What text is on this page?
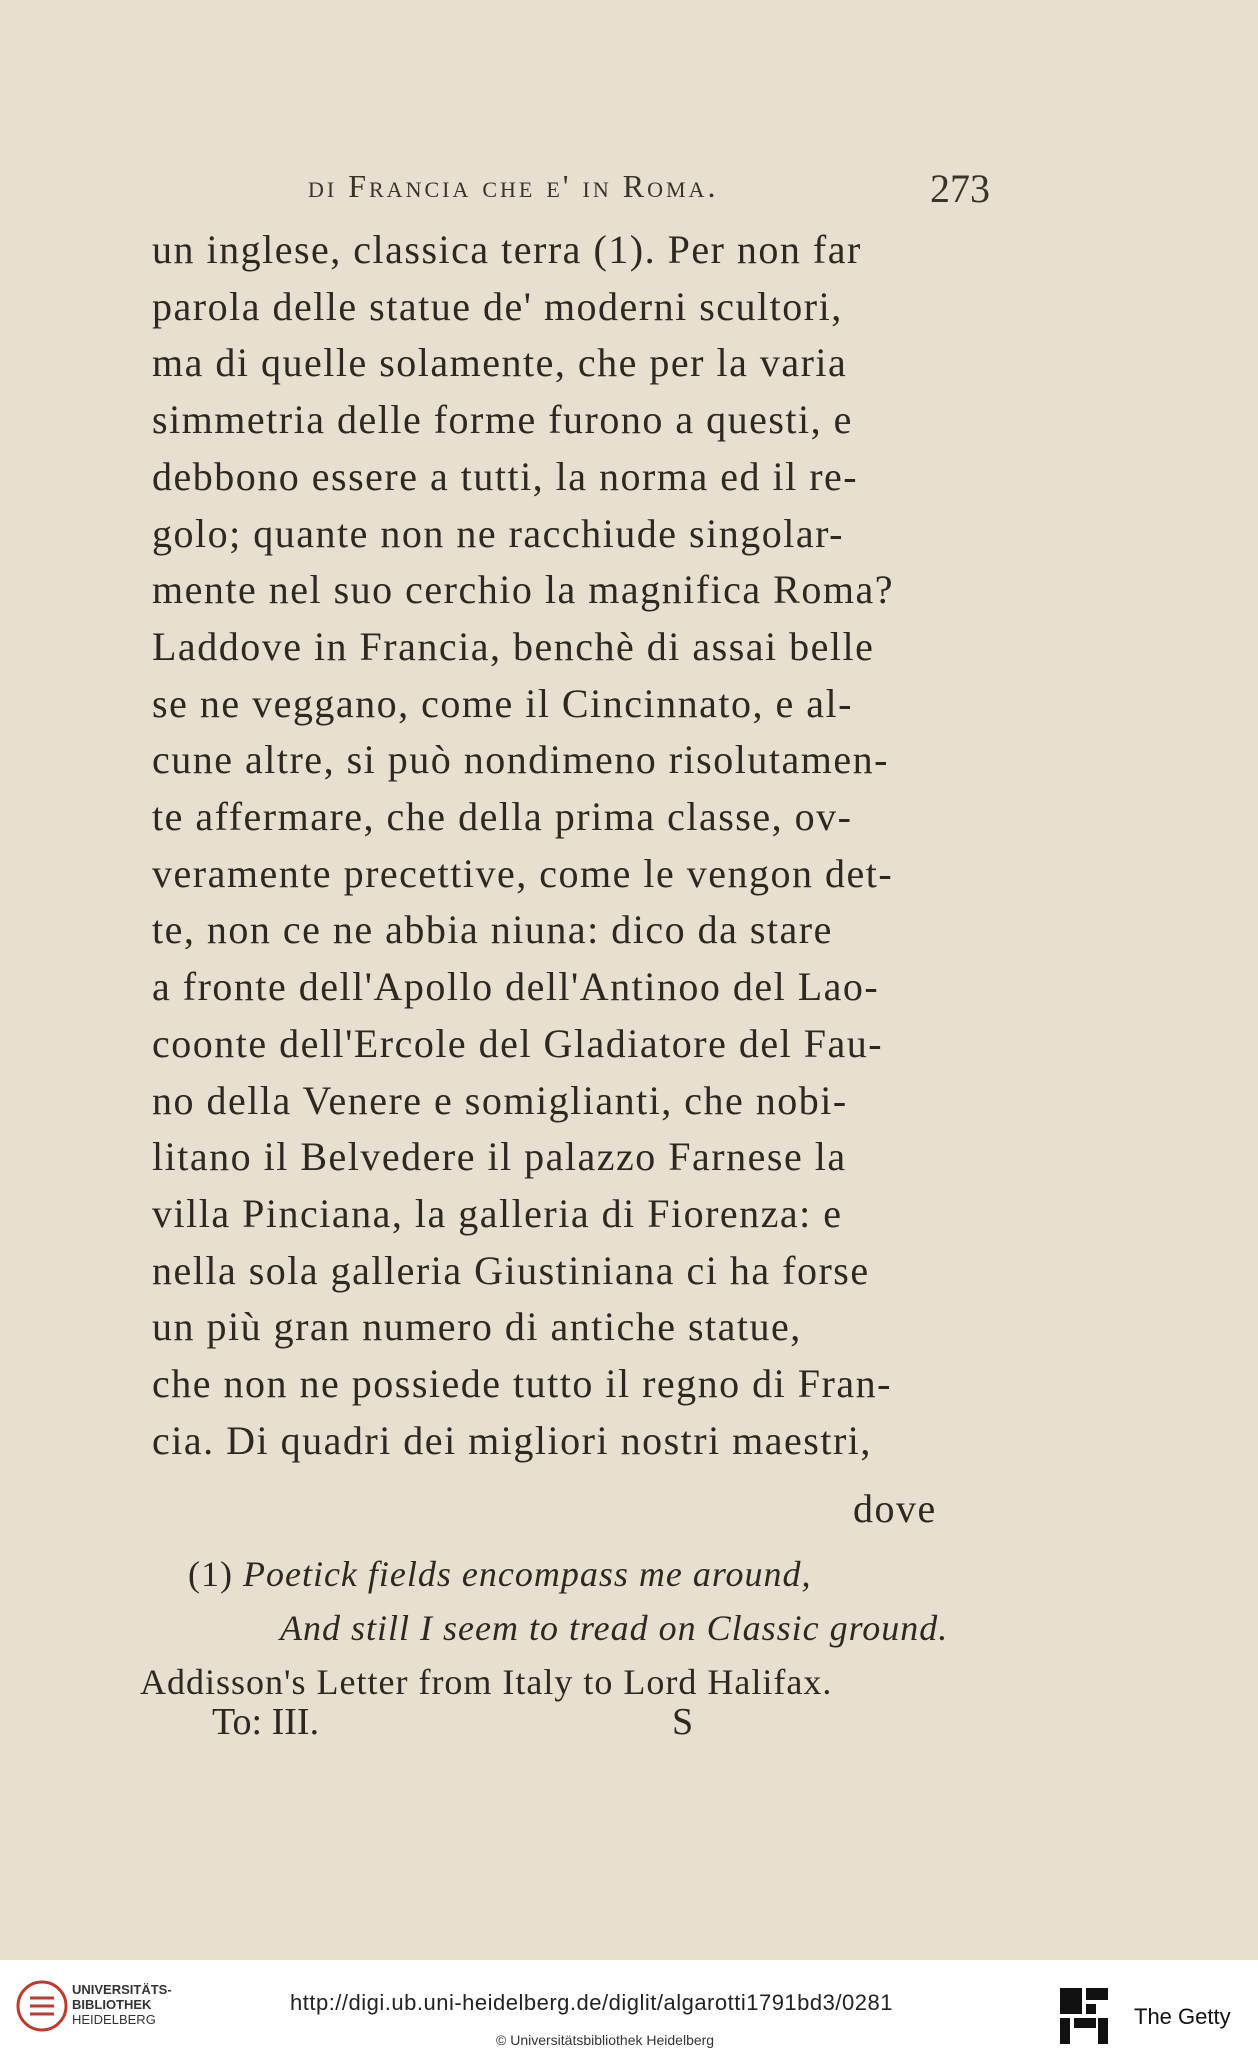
di Francia che e' in Roma.	273
un inglese, classica terra (1). Per non far
parola delle statue de' moderni scultori,
ma di quelle solamente, che per la varia
simmetria delle forme furono a questi, e
debbono essere a tutti, la norma ed il re-
golo; quante non ne racchiude singolar-
mente nel suo cerchio la magnifica Roma?
Laddove in Francia, benchè di assai belle
se ne veggano, come il Cincinnato, e al-
cune altre, si può nondimeno risolutamen-
te affermare, che della prima classe, ov-
veramente precettive, come le vengon det-
te, non ce ne abbia niuna: dico da stare
a fronte dell'Apollo dell'Antinoo del Lao-
coonte dell'Ercole del Gladiatore del Fau-
no della Venere e somiglianti, che nobi-
litano il Belvedere il palazzo Farnese la
villa Pinciana, la galleria di Fiorenza: e
nella sola galleria Giustiniana ci ha forse
un più gran numero di antiche statue,
che non ne possiede tutto il regno di Fran-
cia. Di quadri dei migliori nostri maestri,
dove
(1) Poetick fields encompass me around,
And still I seem to tread on Classic ground.
Addisson's Letter from Italy to Lord Halifax.
To: III.	S
UNIVERSITÄTS-
BIBLIOTHEK
HEIDELBERG
http://digi.ub.uni-heidelberg.de/diglit/algarotti1791bd3/0281
© Universitätsbibliothek Heidelberg
The Getty
